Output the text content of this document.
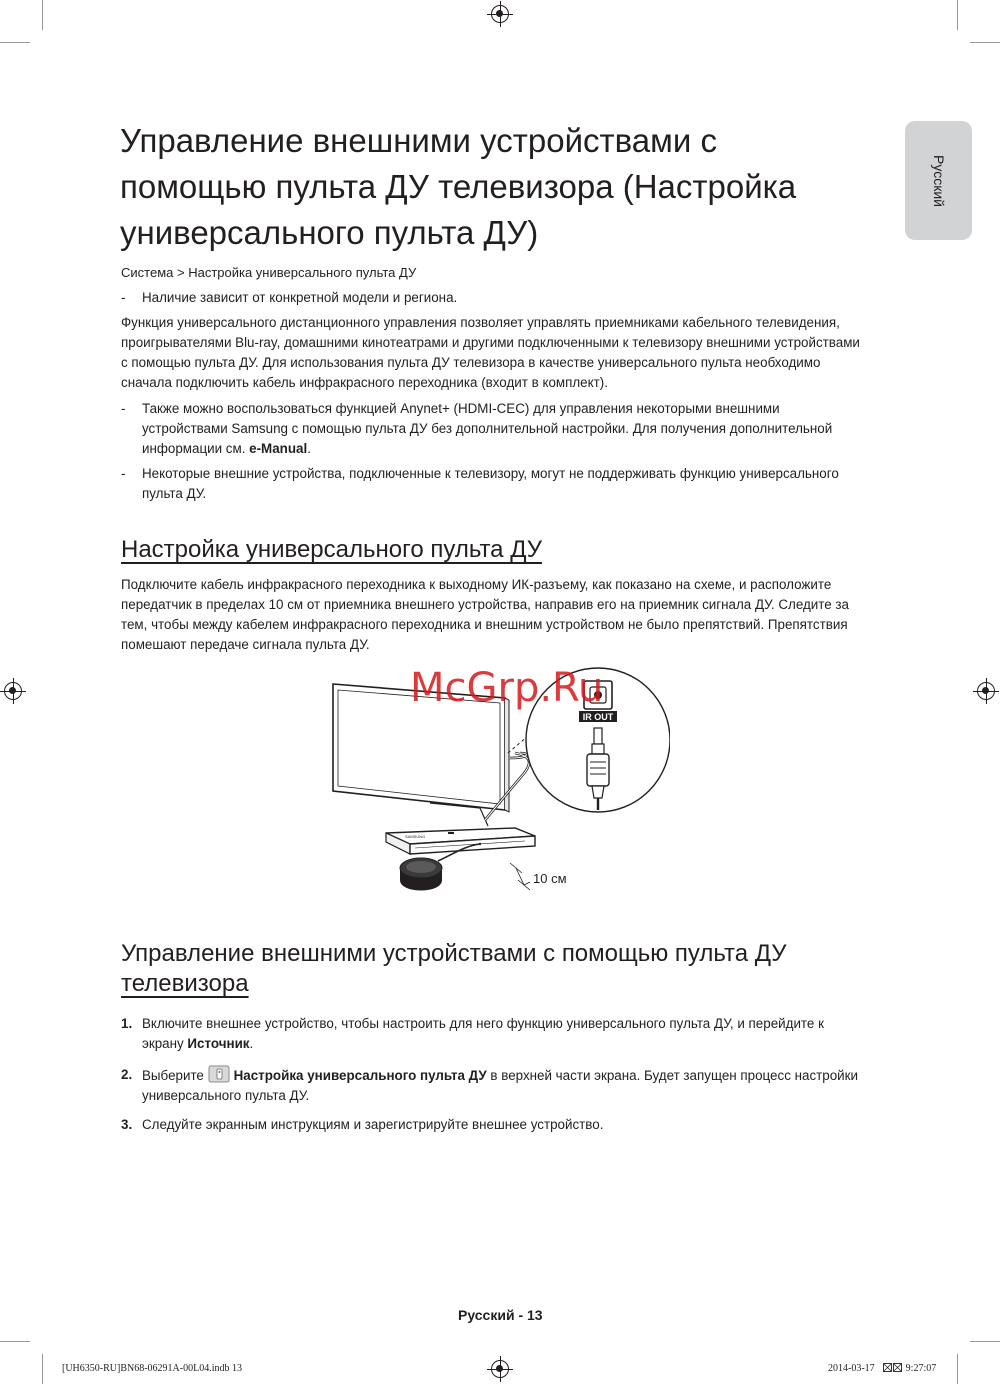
Русский
Управление внешними устройствами с
помощью пульта ДУ телевизора (Настройка
универсального пульта ДУ)
Система > Настройка универсального пульта ДУ
-	Наличие зависит от конкретной модели и региона.

Функция универсального дистанционного управления позволяет управлять приемниками кабельного телевидения,

проигрывателями Blu-ray, домашними кинотеатрами и другими подключенными к телевизору внешними устройствами

с помощью пульта ДУ. Для использования пульта ДУ телевизора в качестве универсального пульта необходимо

сначала подключить кабель инфракрасного переходника (входит в комплект).

-	Также можно воспользоваться функцией Anynet+ (HDMI-CEC) для управления некоторыми внешними
устройствами Samsung с помощью пульта ДУ без дополнительной настройки. Для получения дополнительной
информации см. e-Manual.
-	Некоторые внешние устройства, подключенные к телевизору, могут не поддерживать функцию универсального
пульта ДУ.
Настройка универсального пульта ДУ

Подключите кабель инфракрасного переходника к выходному ИК-разъему, как показано на схеме, и расположите

передатчик в пределах 10 см от приемника внешнего устройства, направив его на приемник сигнала ДУ. Следите за

тем, чтобы между кабелем инфракрасного переходника и внешним устройством не было препятствий. Препятствия

помешают передаче сигнала пульта ДУ.

IR OUT
SAMSUNG
McGrp.Ru
10 см
Управление внешними устройствами с помощью пульта ДУ
телевизора
1. Включите внешнее устройство, чтобы настроить для него функцию универсального пульта ДУ, и перейдите к
экрану Источник.
2. Выберите Настройка универсального пульта ДУ в верхней части экрана. Будет запущен процесс настройки
универсального пульта ДУ.
3. Следуйте экранным инструкциям и зарегистрируйте внешнее устройство.
Русский - 13
[UH6350-RU]BN68-06291A-00L04.indb 13	2014-03-17	9:27:07
